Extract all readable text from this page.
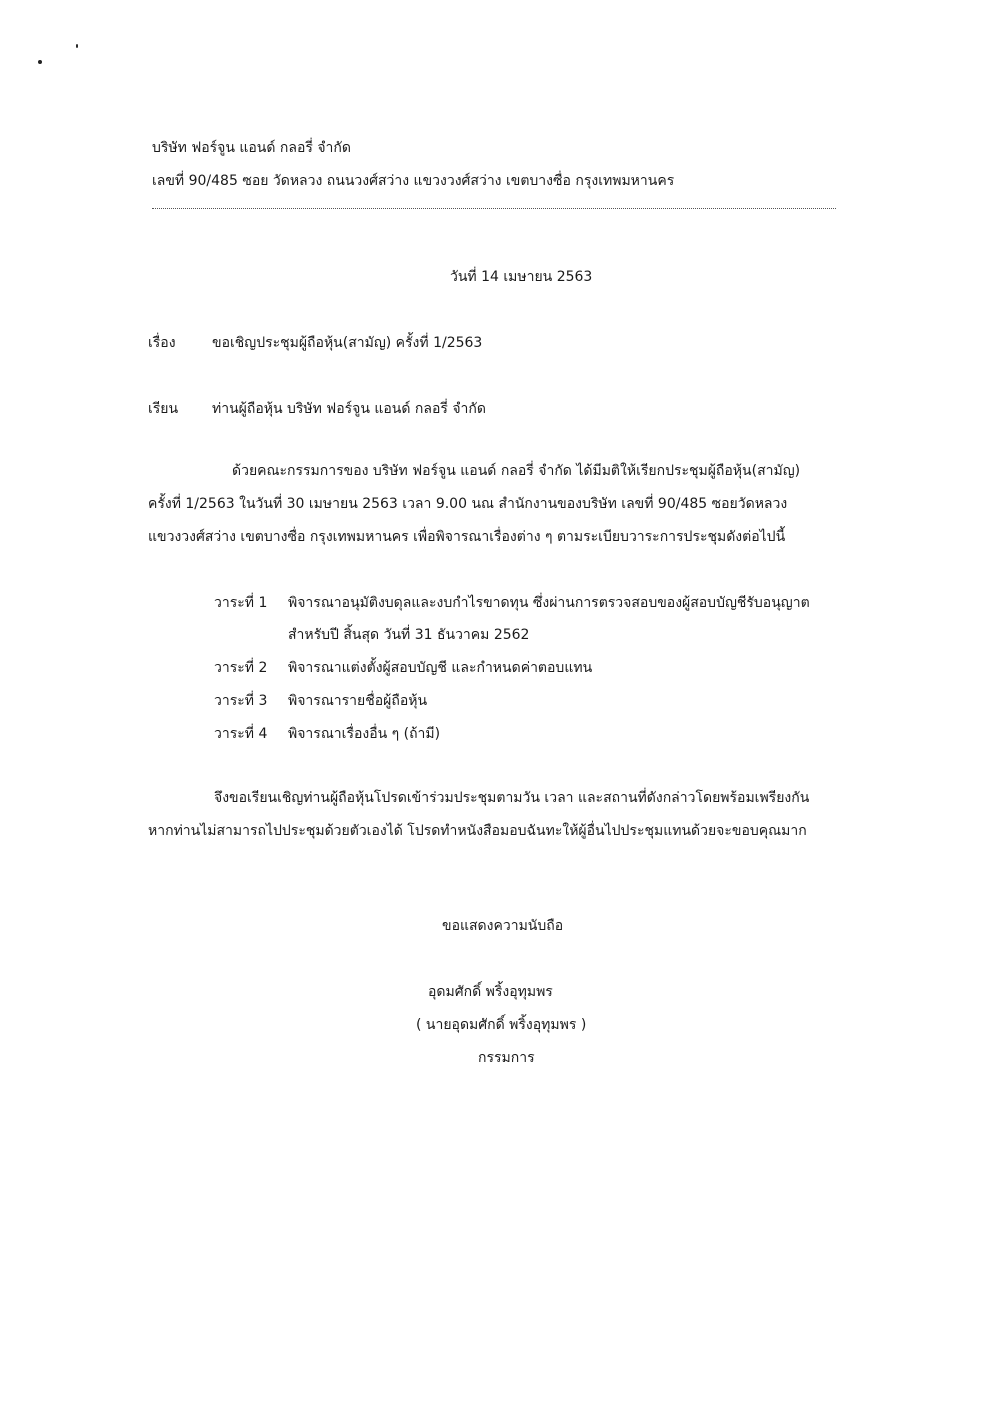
บริษัท ฟอร์จูน แอนด์ กลอรี่ จำกัด
เลขที่ 90/485 ซอย วัดหลวง ถนนวงศ์สว่าง แขวงวงศ์สว่าง เขตบางซื่อ กรุงเทพมหานคร
วันที่ 14 เมษายน 2563
เรื่อง	ขอเชิญประชุมผู้ถือหุ้น(สามัญ) ครั้งที่ 1/2563
เรียน ท่านผู้ถือหุ้น บริษัท ฟอร์จูน แอนด์ กลอรี่ จำกัด
ด้วยคณะกรรมการของ บริษัท ฟอร์จูน แอนด์ กลอรี่ จำกัด ได้มีมติให้เรียกประชุมผู้ถือหุ้น(สามัญ)
ครั้งที่ 1/2563 ในวันที่ 30 เมษายน 2563 เวลา 9.00 นณ สำนักงานของบริษัท เลขที่ 90/485 ซอยวัดหลวง
แขวงวงศ์สว่าง เขตบางซื่อ กรุงเทพมหานคร เพื่อพิจารณาเรื่องต่าง ๆ ตามระเบียบวาระการประชุมดังต่อไปนี้
วาระที่ 1 พิจารณาอนุมัติงบดุลและงบกำไรขาดทุน ซึ่งผ่านการตรวจสอบของผู้สอบบัญชีรับอนุญาต
สำหรับปี สิ้นสุด วันที่ 31 ธันวาคม 2562
วาระที่ 2 พิจารณาแต่งตั้งผู้สอบบัญชี และกำหนดค่าตอบแทน
วาระที่ 3 พิจารณารายชื่อผู้ถือหุ้น
วาระที่ 4 พิจารณาเรื่องอื่น ๆ (ถ้ามี)
จึงขอเรียนเชิญท่านผู้ถือหุ้นโปรดเข้าร่วมประชุมตามวัน เวลา และสถานที่ดังกล่าวโดยพร้อมเพรียงกัน
หากท่านไม่สามารถไปประชุมด้วยตัวเองได้ โปรดทำหนังสือมอบฉันทะให้ผู้อื่นไปประชุมแทนด้วยจะขอบคุณมาก
ขอแสดงความนับถือ
อุดมศักดิ์ พริ้งอุทุมพร
( นายอุดมศักดิ์ พริ้งอุทุมพร )
กรรมการ
